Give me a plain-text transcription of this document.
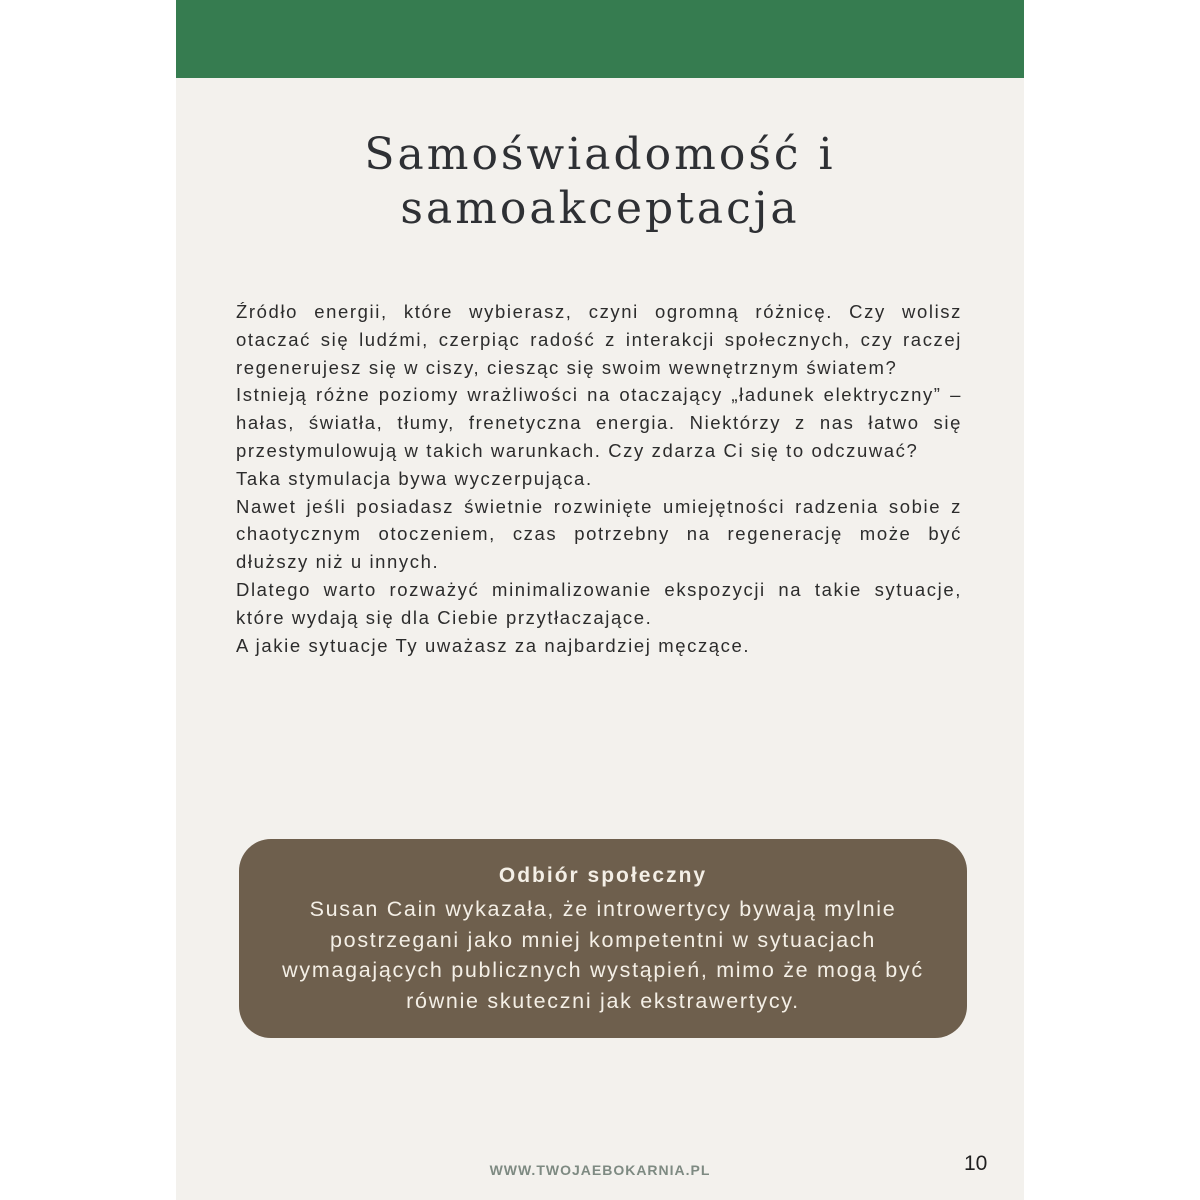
Samoświadomość i
samoakceptacja

Źródło energii, które wybierasz, czyni ogromną różnicę. Czy wolisz otaczać się ludźmi, czerpiąc radość z interakcji społecznych, czy raczej regenerujesz się w ciszy, ciesząc się swoim wewnętrznym światem?

Istnieją różne poziomy wrażliwości na otaczający „ładunek elektryczny” – hałas, światła, tłumy, frenetyczna energia. Niektórzy z nas łatwo się przestymulowują w takich warunkach. Czy zdarza Ci się to odczuwać?

Taka stymulacja bywa wyczerpująca.

Nawet jeśli posiadasz świetnie rozwinięte umiejętności radzenia sobie z chaotycznym otoczeniem, czas potrzebny na regenerację może być dłuższy niż u innych.

Dlatego warto rozważyć minimalizowanie ekspozycji na takie sytuacje, które wydają się dla Ciebie przytłaczające.

A jakie sytuacje Ty uważasz za najbardziej męczące.

Odbiór społeczny
Susan Cain wykazała, że introwertycy bywają mylnie postrzegani jako mniej kompetentni w sytuacjach wymagających publicznych wystąpień, mimo że mogą być równie skuteczni jak ekstrawertycy.
WWW.TWOJAEBOKARNIA.PL	10
